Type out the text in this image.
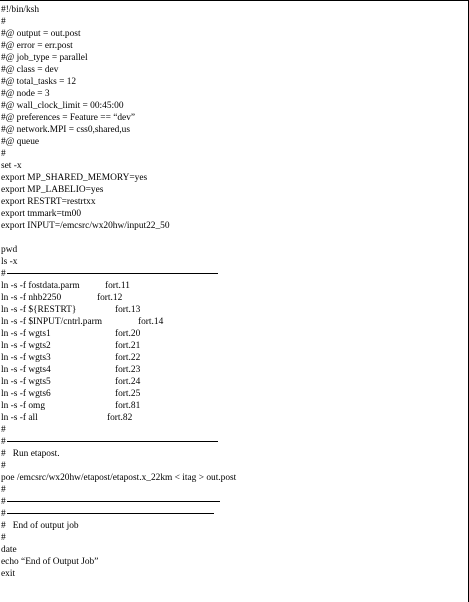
#!/bin/ksh
#
#@ output = out.post
#@ error = err.post
#@ job_type = parallel
#@ class = dev
#@ total_tasks = 12
#@ node = 3
#@ wall_clock_limit = 00:45:00
#@ preferences = Feature == “dev”
#@ network.MPI = css0,shared,us
#@ queue
#
set -x
export MP_SHARED_MEMORY=yes
export MP_LABELIO=yes
export RESTRT=restrtxx
export tmmark=tm00
export INPUT=/emcsrc/wx20hw/input22_50
pwd
ls -x
#
ln -s -f fostdata.parm	fort.11
ln -s -f nhb2250	fort.12
ln -s -f ${RESTRT}	fort.13
ln -s -f $INPUT/cntrl.parm	fort.14
ln -s -f wgts1	fort.20
ln -s -f wgts2	fort.21
ln -s -f wgts3	fort.22
ln -s -f wgts4	fort.23
ln -s -f wgts5	fort.24
ln -s -f wgts6	fort.25
ln -s -f omg	fort.81
ln -s -f all	fort.82
#
#
#   Run etapost.
#
poe /emcsrc/wx20hw/etapost/etapost.x_22km < itag > out.post
#
#
#
#   End of output job
#
date
echo “End of Output Job”
exit
